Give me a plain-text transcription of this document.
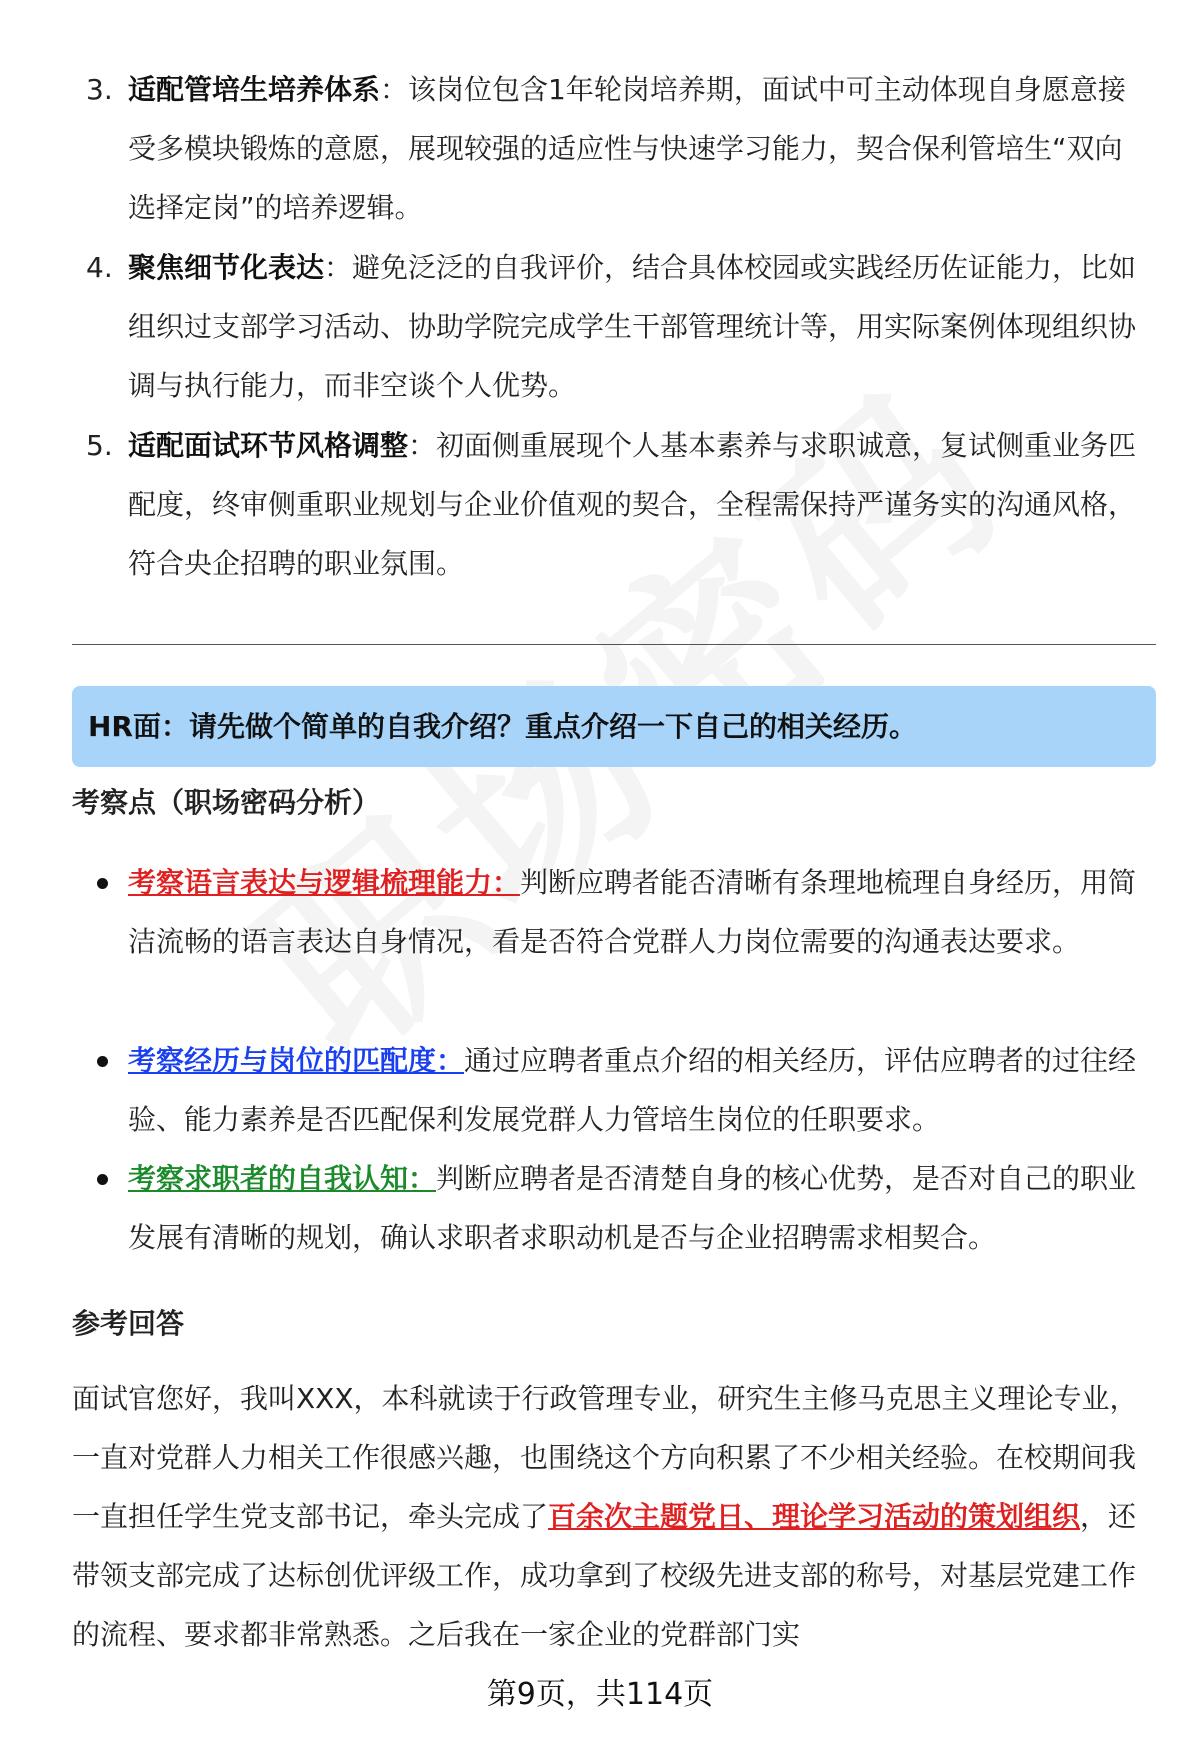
3. 适配管培生培养体系：该岗位包含1年轮岗培养期，面试中可主动体现自身愿意接受多模块锻炼的意愿，展现较强的适应性与快速学习能力，契合保利管培生“双向选择定岗”的培养逻辑。

4. 聚焦细节化表达：避免泛泛的自我评价，结合具体校园或实践经历佐证能力，比如组织过支部学习活动、协助学院完成学生干部管理统计等，用实际案例体现组织协调与执行能力，而非空谈个人优势。

5. 适配面试环节风格调整：初面侧重展现个人基本素养与求职诚意，复试侧重业务匹配度，终审侧重职业规划与企业价值观的契合，全程需保持严谨务实的沟通风格，符合央企招聘的职业氛围。

HR面：请先做个简单的自我介绍？重点介绍一下自己的相关经历。
考察点（职场密码分析）

考察语言表达与逻辑梳理能力：判断应聘者能否清晰有条理地梳理自身经历，用简洁流畅的语言表达自身情况，看是否符合党群人力岗位需要的沟通表达要求。

考察经历与岗位的匹配度：通过应聘者重点介绍的相关经历，评估应聘者的过往经验、能力素养是否匹配保利发展党群人力管培生岗位的任职要求。

考察求职者的自我认知：判断应聘者是否清楚自身的核心优势，是否对自己的职业发展有清晰的规划，确认求职者求职动机是否与企业招聘需求相契合。

参考回答

面试官您好，我叫XXX，本科就读于行政管理专业，研究生主修马克思主义理论专业，一直对党群人力相关工作很感兴趣，也围绕这个方向积累了不少相关经验。在校期间我一直担任学生党支部书记，牵头完成了百余次主题党日、理论学习活动的策划组织，还带领支部完成了达标创优评级工作，成功拿到了校级先进支部的称号，对基层党建工作的流程、要求都非常熟悉。之后我在一家企业的党群部门实

第9页，共114页
